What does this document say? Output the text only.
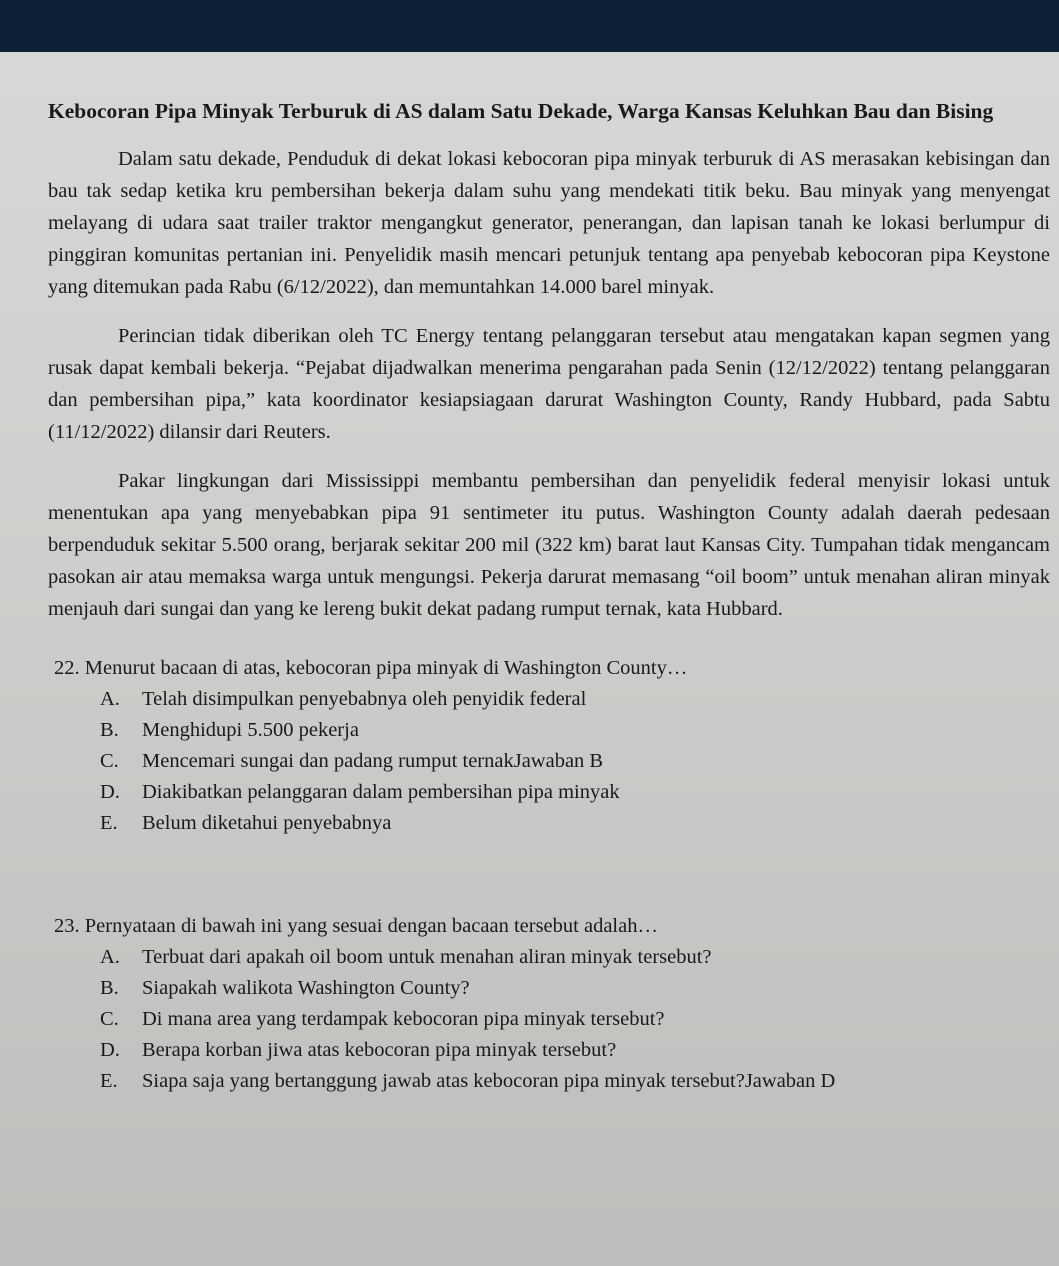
Kebocoran Pipa Minyak Terburuk di AS dalam Satu Dekade, Warga Kansas Keluhkan Bau dan Bising

Dalam satu dekade, Penduduk di dekat lokasi kebocoran pipa minyak terburuk di AS merasakan kebisingan dan bau tak sedap ketika kru pembersihan bekerja dalam suhu yang mendekati titik beku. Bau minyak yang menyengat melayang di udara saat trailer traktor mengangkut generator, penerangan, dan lapisan tanah ke lokasi berlumpur di pinggiran komunitas pertanian ini. Penyelidik masih mencari petunjuk tentang apa penyebab kebocoran pipa Keystone yang ditemukan pada Rabu (6/12/2022), dan memuntahkan 14.000 barel minyak.

Perincian tidak diberikan oleh TC Energy tentang pelanggaran tersebut atau mengatakan kapan segmen yang rusak dapat kembali bekerja. “Pejabat dijadwalkan menerima pengarahan pada Senin (12/12/2022) tentang pelanggaran dan pembersihan pipa,” kata koordinator kesiapsiagaan darurat Washington County, Randy Hubbard, pada Sabtu (11/12/2022) dilansir dari Reuters.

Pakar lingkungan dari Mississippi membantu pembersihan dan penyelidik federal menyisir lokasi untuk menentukan apa yang menyebabkan pipa 91 sentimeter itu putus. Washington County adalah daerah pedesaan berpenduduk sekitar 5.500 orang, berjarak sekitar 200 mil (322 km) barat laut Kansas City. Tumpahan tidak mengancam pasokan air atau memaksa warga untuk mengungsi. Pekerja darurat memasang “oil boom” untuk menahan aliran minyak menjauh dari sungai dan yang ke lereng bukit dekat padang rumput ternak, kata Hubbard.

22. Menurut bacaan di atas, kebocoran pipa minyak di Washington County…
A. Telah disimpulkan penyebabnya oleh penyidik federal
B. Menghidupi 5.500 pekerja
C. Mencemari sungai dan padang rumput ternakJawaban B
D. Diakibatkan pelanggaran dalam pembersihan pipa minyak
E. Belum diketahui penyebabnya
23. Pernyataan di bawah ini yang sesuai dengan bacaan tersebut adalah…
A. Terbuat dari apakah oil boom untuk menahan aliran minyak tersebut?
B. Siapakah walikota Washington County?
C. Di mana area yang terdampak kebocoran pipa minyak tersebut?
D. Berapa korban jiwa atas kebocoran pipa minyak tersebut?
E. Siapa saja yang bertanggung jawab atas kebocoran pipa minyak tersebut?Jawaban D
